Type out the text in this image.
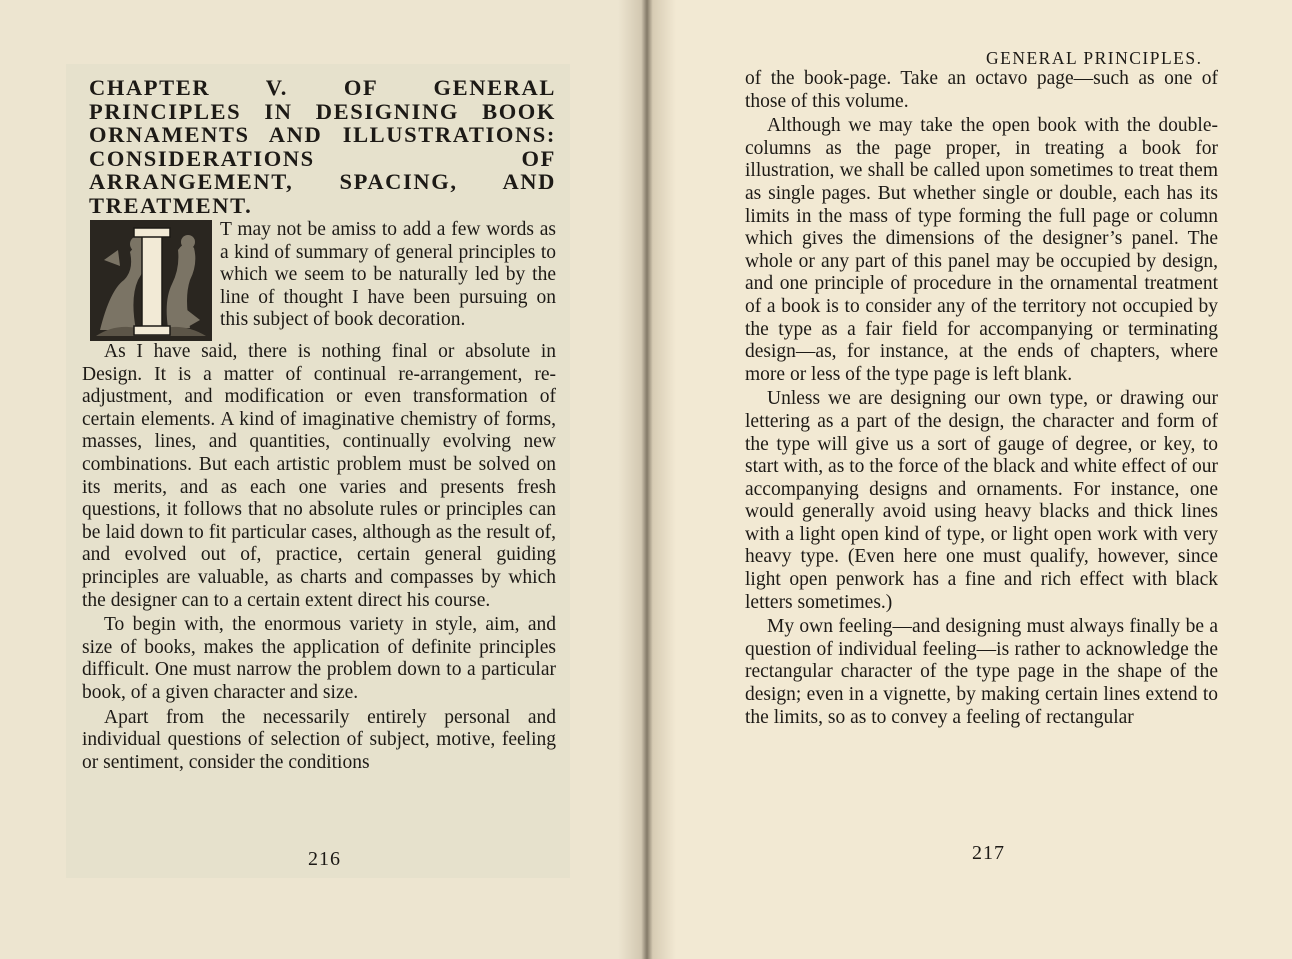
CHAPTER V. OF GENERAL PRINCIPLES IN DESIGNING BOOK ORNAMENTS AND ILLUSTRATIONS: CONSIDERATIONS OF ARRANGEMENT, SPACING, AND TREATMENT.

T may not be amiss to add a few words as a kind of summary of general principles to which we seem to be naturally led by the line of thought I have been pursuing on this subject of book decoration.

As I have said, there is nothing final or absolute in Design. It is a matter of continual re-arrangement, re-adjustment, and modification or even transformation of certain elements. A kind of imaginative chemistry of forms, masses, lines, and quantities, continually evolving new combinations. But each artistic problem must be solved on its merits, and as each one varies and presents fresh questions, it follows that no absolute rules or principles can be laid down to fit particular cases, although as the result of, and evolved out of, practice, certain general guiding principles are valuable, as charts and compasses by which the designer can to a certain extent direct his course.

To begin with, the enormous variety in style, aim, and size of books, makes the application of definite principles difficult. One must narrow the problem down to a particular book, of a given character and size.

Apart from the necessarily entirely personal and individual questions of selection of subject, motive, feeling or sentiment, consider the conditions

216
GENERAL PRINCIPLES.

of the book-page. Take an octavo page—such as one of those of this volume.

Although we may take the open book with the double-columns as the page proper, in treating a book for illustration, we shall be called upon sometimes to treat them as single pages. But whether single or double, each has its limits in the mass of type forming the full page or column which gives the dimensions of the designer’s panel. The whole or any part of this panel may be occupied by design, and one principle of procedure in the ornamental treatment of a book is to consider any of the territory not occupied by the type as a fair field for accompanying or terminating design—as, for instance, at the ends of chapters, where more or less of the type page is left blank.

Unless we are designing our own type, or drawing our lettering as a part of the design, the character and form of the type will give us a sort of gauge of degree, or key, to start with, as to the force of the black and white effect of our accompanying designs and ornaments. For instance, one would generally avoid using heavy blacks and thick lines with a light open kind of type, or light open work with very heavy type. (Even here one must qualify, however, since light open penwork has a fine and rich effect with black letters sometimes.)

My own feeling—and designing must always finally be a question of individual feeling—is rather to acknowledge the rectangular character of the type page in the shape of the design; even in a vignette, by making certain lines extend to the limits, so as to convey a feeling of rectangular

217
